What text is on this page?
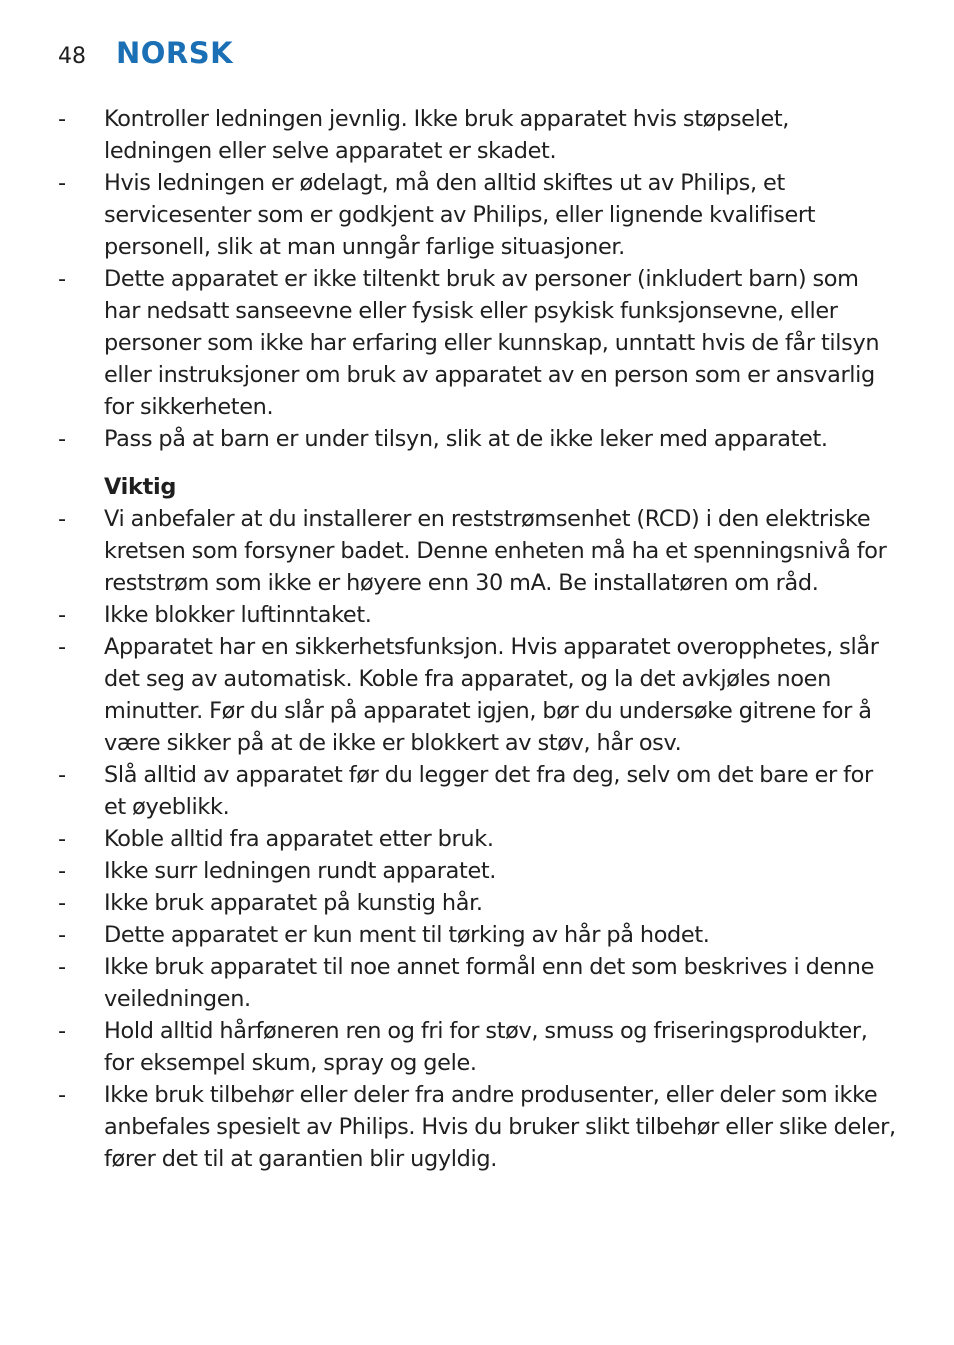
48 NORSK
- Kontroller ledningen jevnlig. Ikke bruk apparatet hvis støpselet, ledningen eller selve apparatet er skadet.
- Hvis ledningen er ødelagt, må den alltid skiftes ut av Philips, et servicesenter som er godkjent av Philips, eller lignende kvalifisert personell, slik at man unngår farlige situasjoner.
- Dette apparatet er ikke tiltenkt bruk av personer (inkludert barn) som har nedsatt sanseevne eller fysisk eller psykisk funksjonsevne, eller personer som ikke har erfaring eller kunnskap, unntatt hvis de får tilsyn eller instruksjoner om bruk av apparatet av en person som er ansvarlig for sikkerheten.
- Pass på at barn er under tilsyn, slik at de ikke leker med apparatet.
Viktig
- Vi anbefaler at du installerer en reststrømsenhet (RCD) i den elektriske kretsen som forsyner badet. Denne enheten må ha et spenningsnivå for reststrøm som ikke er høyere enn 30 mA. Be installatøren om råd.
- Ikke blokker luftinntaket.
- Apparatet har en sikkerhetsfunksjon. Hvis apparatet overopphetes, slår det seg av automatisk. Koble fra apparatet, og la det avkjøles noen minutter. Før du slår på apparatet igjen, bør du undersøke gitrene for å være sikker på at de ikke er blokkert av støv, hår osv.
- Slå alltid av apparatet før du legger det fra deg, selv om det bare er for et øyeblikk.
- Koble alltid fra apparatet etter bruk.
- Ikke surr ledningen rundt apparatet.
- Ikke bruk apparatet på kunstig hår.
- Dette apparatet er kun ment til tørking av hår på hodet.
- Ikke bruk apparatet til noe annet formål enn det som beskrives i denne veiledningen.
- Hold alltid hårføneren ren og fri for støv, smuss og friseringsprodukter, for eksempel skum, spray og gele.
- Ikke bruk tilbehør eller deler fra andre produsenter, eller deler som ikke anbefales spesielt av Philips. Hvis du bruker slikt tilbehør eller slike deler, fører det til at garantien blir ugyldig.
